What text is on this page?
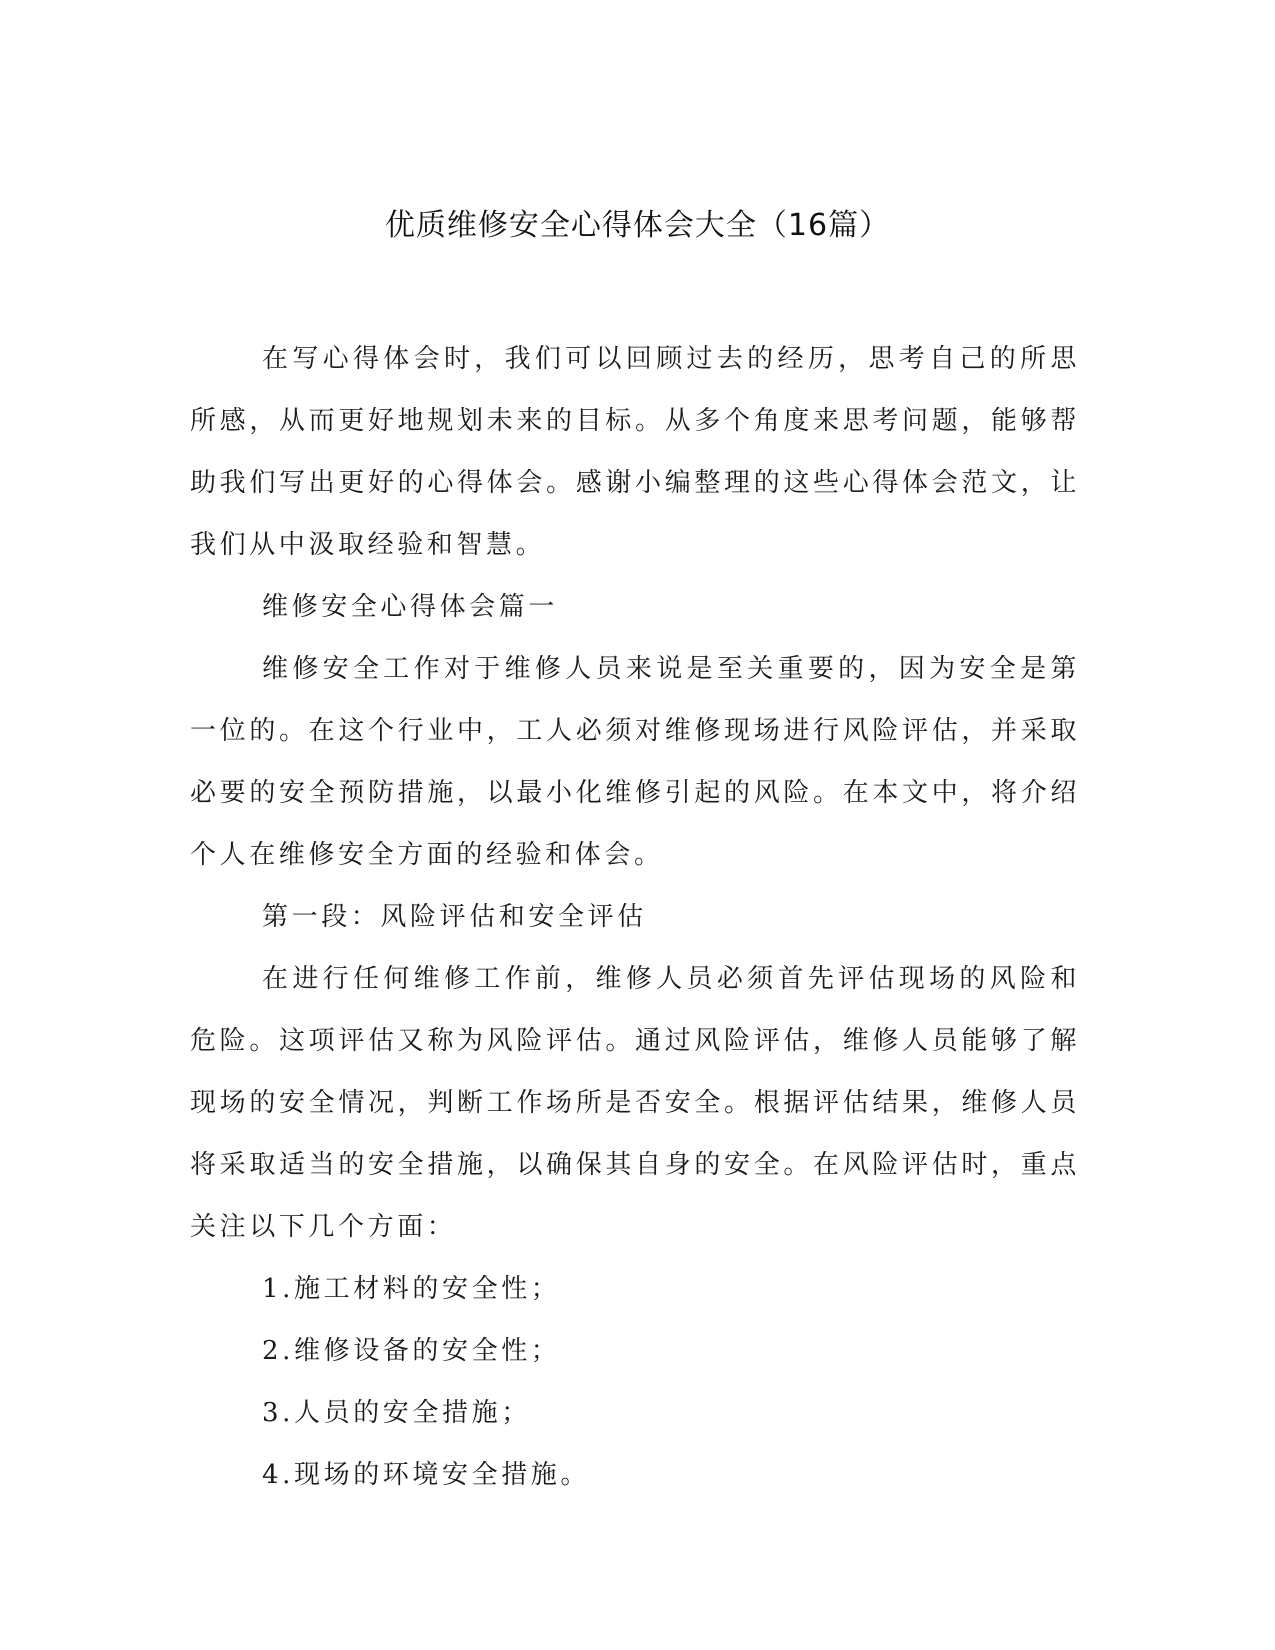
优质维修安全心得体会大全（16篇）

在写心得体会时，我们可以回顾过去的经历，思考自己的所思所感，从而更好地规划未来的目标。从多个角度来思考问题，能够帮助我们写出更好的心得体会。感谢小编整理的这些心得体会范文，让我们从中汲取经验和智慧。

维修安全心得体会篇一

维修安全工作对于维修人员来说是至关重要的，因为安全是第一位的。在这个行业中，工人必须对维修现场进行风险评估，并采取必要的安全预防措施，以最小化维修引起的风险。在本文中，将介绍个人在维修安全方面的经验和体会。

第一段：风险评估和安全评估

在进行任何维修工作前，维修人员必须首先评估现场的风险和危险。这项评估又称为风险评估。通过风险评估，维修人员能够了解现场的安全情况，判断工作场所是否安全。根据评估结果，维修人员将采取适当的安全措施，以确保其自身的安全。在风险评估时，重点关注以下几个方面：

1.施工材料的安全性；

2.维修设备的安全性；

3.人员的安全措施；

4.现场的环境安全措施。
